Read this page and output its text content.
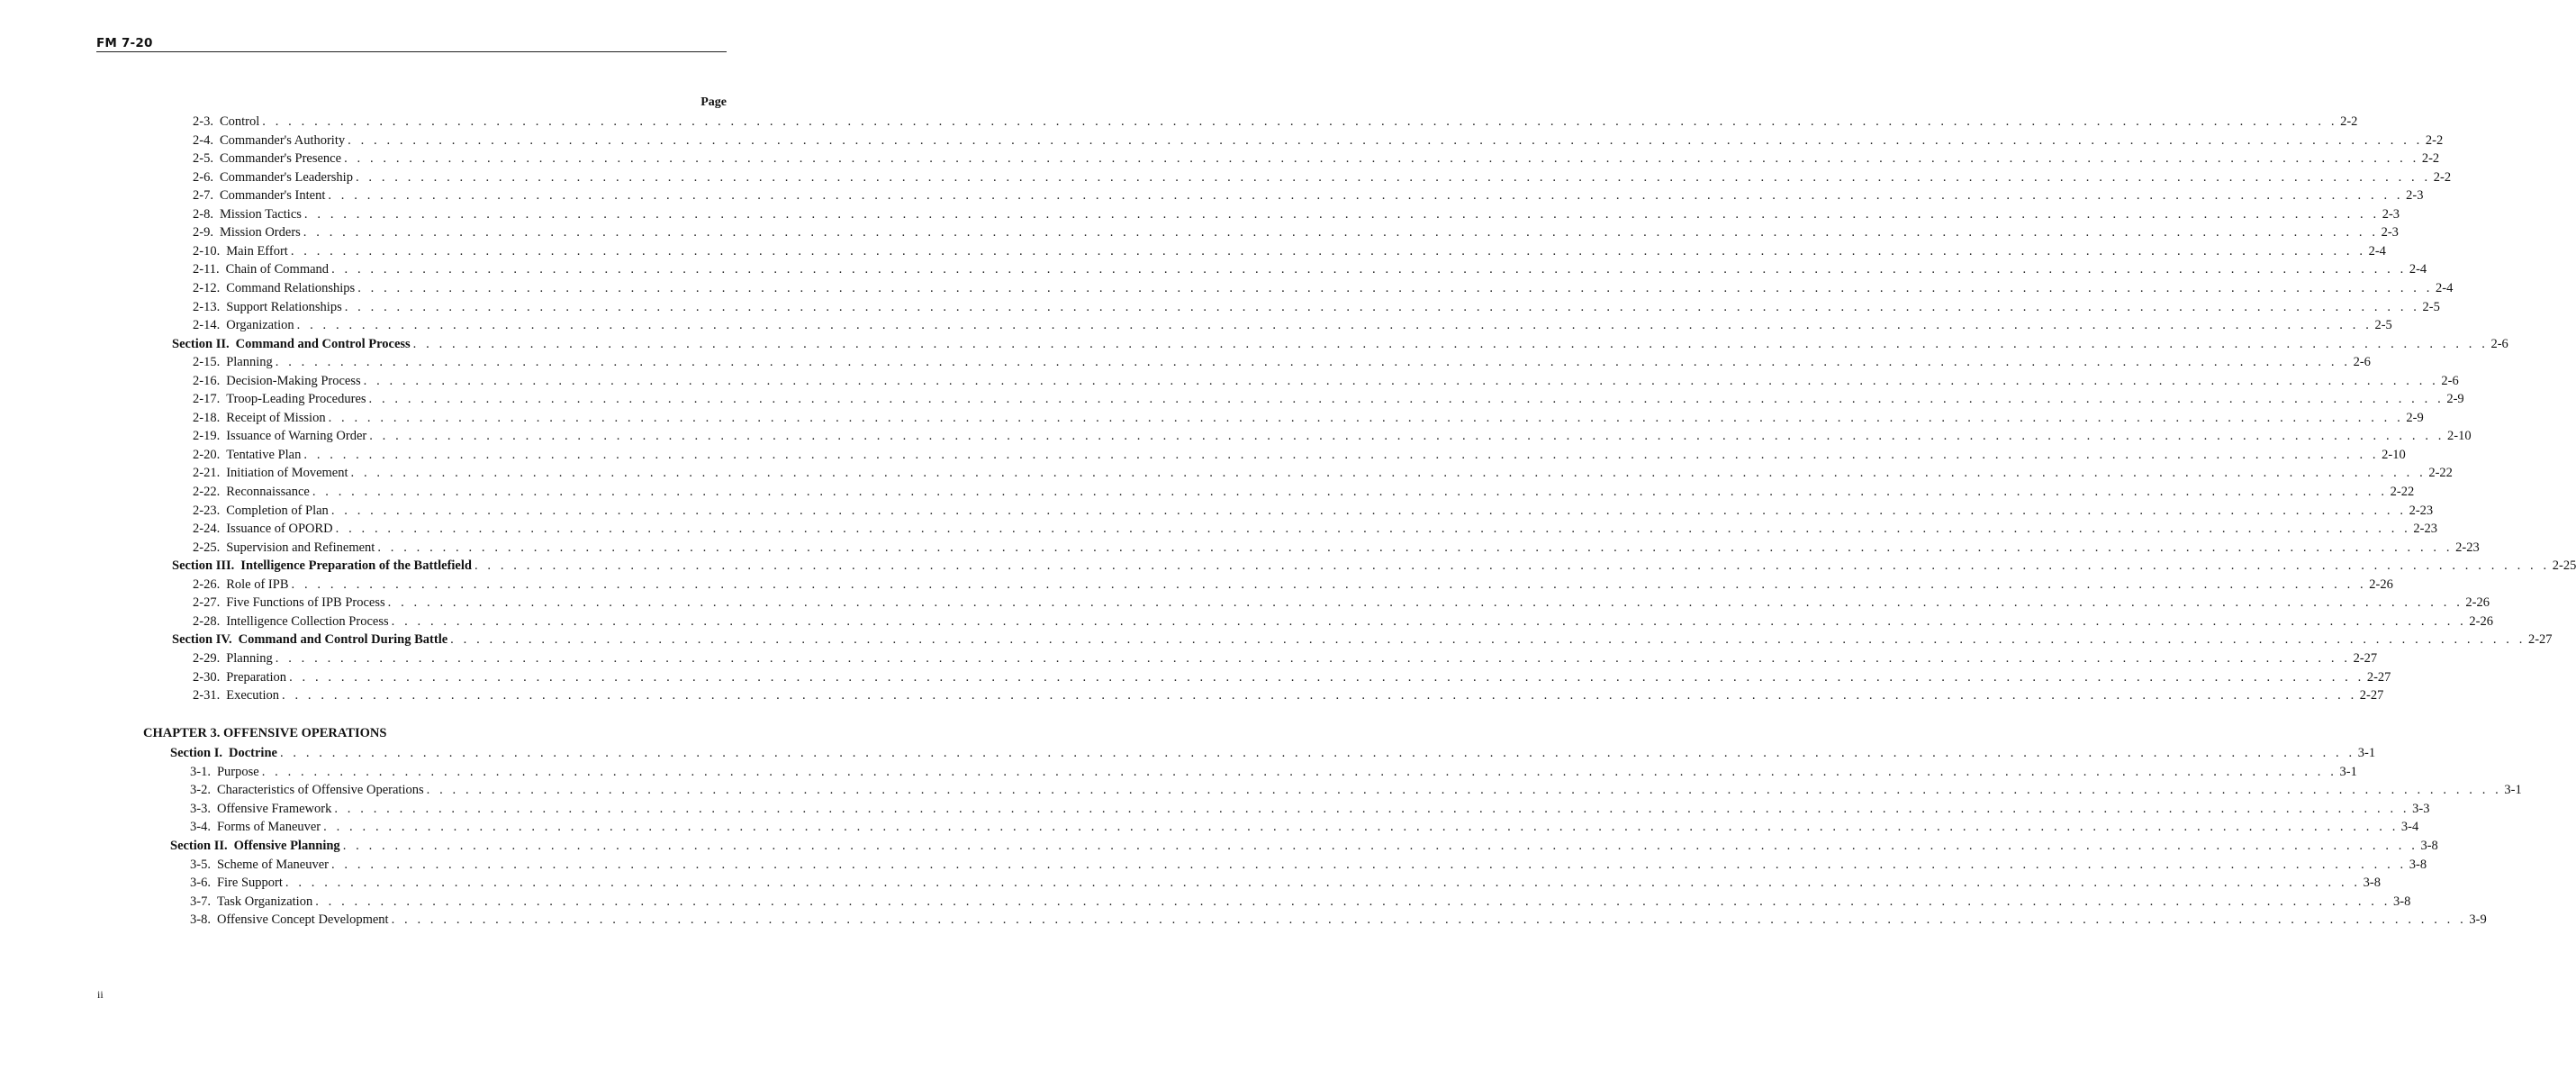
FM 7-20
Page
2-3. Control . . . . . . . . . . . . . . . . . . . . . . . . . . . . . . . . . . . . . . . . . . . . . . . . . . . . . . . . . . . . . . . . . . . . . . . . . . . . . . . . . . . . . . . . . . . . . . . . . . . . . . . . . . . . . . . . . . . . . . . . . . . . . . . . . . . . . . . . . . . . . . . . . . . . . . . . . . . . . . . . 2-2
2-4. Commander's Authority . . . . . . . . . . . . . . . . . . . . . . . . . . . . . . . . . . . . . . . . . . . . . . . . . . . . . . . . . . . . . . . . . . . . . . . . . . . . . . . . . . . . . . . . . . . . . . . . . . . . . . . . . . . . . . . . . . . . . . . . . . . . . . . . . . . . . . . . . . . . . . . . . . . . . . . . . . . . . . . . 2-2
2-5. Commander's Presence . . . . . . . . . . . . . . . . . . . . . . . . . . . . . . . . . . . . . . . . . . . . . . . . . . . . . . . . . . . . . . . . . . . . . . . . . . . . . . . . . . . . . . . . . . . . . . . . . . . . . . . . . . . . . . . . . . . . . . . . . . . . . . . . . . . . . . . . . . . . . . . . . . . . . . . . . . . . . . . . 2-2
2-6. Commander's Leadership . . . . . . . . . . . . . . . . . . . . . . . . . . . . . . . . . . . . . . . . . . . . . . . . . . . . . . . . . . . . . . . . . . . . . . . . . . . . . . . . . . . . . . . . . . . . . . . . . . . . . . . . . . . . . . . . . . . . . . . . . . . . . . . . . . . . . . . . . . . . . . . . . . . . . . . . . . . . . . . . 2-2
2-7. Commander's Intent . . . . . . . . . . . . . . . . . . . . . . . . . . . . . . . . . . . . . . . . . . . . . . . . . . . . . . . . . . . . . . . . . . . . . . . . . . . . . . . . . . . . . . . . . . . . . . . . . . . . . . . . . . . . . . . . . . . . . . . . . . . . . . . . . . . . . . . . . . . . . . . . . . . . . . . . . . . . . . . . 2-3
2-8. Mission Tactics . . . . . . . . . . . . . . . . . . . . . . . . . . . . . . . . . . . . . . . . . . . . . . . . . . . . . . . . . . . . . . . . . . . . . . . . . . . . . . . . . . . . . . . . . . . . . . . . . . . . . . . . . . . . . . . . . . . . . . . . . . . . . . . . . . . . . . . . . . . . . . . . . . . . . . . . . . . . . . . . 2-3
2-9. Mission Orders . . . . . . . . . . . . . . . . . . . . . . . . . . . . . . . . . . . . . . . . . . . . . . . . . . . . . . . . . . . . . . . . . . . . . . . . . . . . . . . . . . . . . . . . . . . . . . . . . . . . . . . . . . . . . . . . . . . . . . . . . . . . . . . . . . . . . . . . . . . . . . . . . . . . . . . . . . . . . . . . 2-3
2-10. Main Effort . . . . . . . . . . . . . . . . . . . . . . . . . . . . . . . . . . . . . . . . . . . . . . . . . . . . . . . . . . . . . . . . . . . . . . . . . . . . . . . . . . . . . . . . . . . . . . . . . . . . . . . . . . . . . . . . . . . . . . . . . . . . . . . . . . . . . . . . . . . . . . . . . . . . . . . . . . . . . . . . 2-4
2-11. Chain of Command . . . . . . . . . . . . . . . . . . . . . . . . . . . . . . . . . . . . . . . . . . . . . . . . . . . . . . . . . . . . . . . . . . . . . . . . . . . . . . . . . . . . . . . . . . . . . . . . . . . . . . . . . . . . . . . . . . . . . . . . . . . . . . . . . . . . . . . . . . . . . . . . . . . . . . . . . . . . . . . . 2-4
2-12. Command Relationships . . . . . . . . . . . . . . . . . . . . . . . . . . . . . . . . . . . . . . . . . . . . . . . . . . . . . . . . . . . . . . . . . . . . . . . . . . . . . . . . . . . . . . . . . . . . . . . . . . . . . . . . . . . . . . . . . . . . . . . . . . . . . . . . . . . . . . . . . . . . . . . . . . . . . . . . . . . . . . . . 2-4
2-13. Support Relationships . . . . . . . . . . . . . . . . . . . . . . . . . . . . . . . . . . . . . . . . . . . . . . . . . . . . . . . . . . . . . . . . . . . . . . . . . . . . . . . . . . . . . . . . . . . . . . . . . . . . . . . . . . . . . . . . . . . . . . . . . . . . . . . . . . . . . . . . . . . . . . . . . . . . . . . . . . . . . . . . 2-5
2-14. Organization . . . . . . . . . . . . . . . . . . . . . . . . . . . . . . . . . . . . . . . . . . . . . . . . . . . . . . . . . . . . . . . . . . . . . . . . . . . . . . . . . . . . . . . . . . . . . . . . . . . . . . . . . . . . . . . . . . . . . . . . . . . . . . . . . . . . . . . . . . . . . . . . . . . . . . . . . . . . . . . . 2-5
Section II. Command and Control Process . . . . . . . . . . . . . . . . . . . . . . . . . . . . . . . . . . . . . . . . . . . . . . . . . . . . . . . . . . . . . . . . . . . . . . . . . . . . . . . . . . . . . . . . . . . . . . . . . . . . . . . . . . . . . . . . . . . . . . . . . . . . . . . . . . . . . . . . . . . . . . . . . . . . . . . . . . . . . . . . 2-6
2-15. Planning . . . . . . . . . . . . . . . . . . . . . . . . . . . . . . . . . . . . . . . . . . . . . . . . . . . . . . . . . . . . . . . . . . . . . . . . . . . . . . . . . . . . . . . . . . . . . . . . . . . . . . . . . . . . . . . . . . . . . . . . . . . . . . . . . . . . . . . . . . . . . . . . . . . . . . . . . . . . . . . . 2-6
2-16. Decision-Making Process . . . . . . . . . . . . . . . . . . . . . . . . . . . . . . . . . . . . . . . . . . . . . . . . . . . . . . . . . . . . . . . . . . . . . . . . . . . . . . . . . . . . . . . . . . . . . . . . . . . . . . . . . . . . . . . . . . . . . . . . . . . . . . . . . . . . . . . . . . . . . . . . . . . . . . . . . . . . . . . . 2-6
2-17. Troop-Leading Procedures . . . . . . . . . . . . . . . . . . . . . . . . . . . . . . . . . . . . . . . . . . . . . . . . . . . . . . . . . . . . . . . . . . . . . . . . . . . . . . . . . . . . . . . . . . . . . . . . . . . . . . . . . . . . . . . . . . . . . . . . . . . . . . . . . . . . . . . . . . . . . . . . . . . . . . . . . . . . . . . . 2-9
2-18. Receipt of Mission . . . . . . . . . . . . . . . . . . . . . . . . . . . . . . . . . . . . . . . . . . . . . . . . . . . . . . . . . . . . . . . . . . . . . . . . . . . . . . . . . . . . . . . . . . . . . . . . . . . . . . . . . . . . . . . . . . . . . . . . . . . . . . . . . . . . . . . . . . . . . . . . . . . . . . . . . . . . . . . . 2-9
2-19. Issuance of Warning Order . . . . . . . . . . . . . . . . . . . . . . . . . . . . . . . . . . . . . . . . . . . . . . . . . . . . . . . . . . . . . . . . . . . . . . . . . . . . . . . . . . . . . . . . . . . . . . . . . . . . . . . . . . . . . . . . . . . . . . . . . . . . . . . . . . . . . . . . . . . . . . . . . . . . . . . . . . . . . . . . 2-10
2-20. Tentative Plan . . . . . . . . . . . . . . . . . . . . . . . . . . . . . . . . . . . . . . . . . . . . . . . . . . . . . . . . . . . . . . . . . . . . . . . . . . . . . . . . . . . . . . . . . . . . . . . . . . . . . . . . . . . . . . . . . . . . . . . . . . . . . . . . . . . . . . . . . . . . . . . . . . . . . . . . . . . . . . . . 2-10
2-21. Initiation of Movement . . . . . . . . . . . . . . . . . . . . . . . . . . . . . . . . . . . . . . . . . . . . . . . . . . . . . . . . . . . . . . . . . . . . . . . . . . . . . . . . . . . . . . . . . . . . . . . . . . . . . . . . . . . . . . . . . . . . . . . . . . . . . . . . . . . . . . . . . . . . . . . . . . . . . . . . . . . . . . . . 2-22
2-22. Reconnaissance . . . . . . . . . . . . . . . . . . . . . . . . . . . . . . . . . . . . . . . . . . . . . . . . . . . . . . . . . . . . . . . . . . . . . . . . . . . . . . . . . . . . . . . . . . . . . . . . . . . . . . . . . . . . . . . . . . . . . . . . . . . . . . . . . . . . . . . . . . . . . . . . . . . . . . . . . . . . . . . . 2-22
2-23. Completion of Plan . . . . . . . . . . . . . . . . . . . . . . . . . . . . . . . . . . . . . . . . . . . . . . . . . . . . . . . . . . . . . . . . . . . . . . . . . . . . . . . . . . . . . . . . . . . . . . . . . . . . . . . . . . . . . . . . . . . . . . . . . . . . . . . . . . . . . . . . . . . . . . . . . . . . . . . . . . . . . . . . 2-23
2-24. Issuance of OPORD . . . . . . . . . . . . . . . . . . . . . . . . . . . . . . . . . . . . . . . . . . . . . . . . . . . . . . . . . . . . . . . . . . . . . . . . . . . . . . . . . . . . . . . . . . . . . . . . . . . . . . . . . . . . . . . . . . . . . . . . . . . . . . . . . . . . . . . . . . . . . . . . . . . . . . . . . . . . . . . . 2-23
2-25. Supervision and Refinement . . . . . . . . . . . . . . . . . . . . . . . . . . . . . . . . . . . . . . . . . . . . . . . . . . . . . . . . . . . . . . . . . . . . . . . . . . . . . . . . . . . . . . . . . . . . . . . . . . . . . . . . . . . . . . . . . . . . . . . . . . . . . . . . . . . . . . . . . . . . . . . . . . . . . . . . . . . . . . . . 2-23
Section III. Intelligence Preparation of the Battlefield . . . . . . . . . . . . . . . . . . . . . . . . . . . . . . . . . . . . . . . . . . . . . . . . . . . . . . . . . . . . . . . . . . . . . . . . . . . . . . . . . . . . . . . . . . . . . . . . . . . . . . . . . . . . . . . . . . . . . . . . . . . . . . . . . . . . . . . . . . . . . . . . . . . . . . . . . . . . . . . . 2-25
2-26. Role of IPB . . . . . . . . . . . . . . . . . . . . . . . . . . . . . . . . . . . . . . . . . . . . . . . . . . . . . . . . . . . . . . . . . . . . . . . . . . . . . . . . . . . . . . . . . . . . . . . . . . . . . . . . . . . . . . . . . . . . . . . . . . . . . . . . . . . . . . . . . . . . . . . . . . . . . . . . . . . . . . . . 2-26
2-27. Five Functions of IPB Process . . . . . . . . . . . . . . . . . . . . . . . . . . . . . . . . . . . . . . . . . . . . . . . . . . . . . . . . . . . . . . . . . . . . . . . . . . . . . . . . . . . . . . . . . . . . . . . . . . . . . . . . . . . . . . . . . . . . . . . . . . . . . . . . . . . . . . . . . . . . . . . . . . . . . . . . . . . . . . . . 2-26
2-28. Intelligence Collection Process . . . . . . . . . . . . . . . . . . . . . . . . . . . . . . . . . . . . . . . . . . . . . . . . . . . . . . . . . . . . . . . . . . . . . . . . . . . . . . . . . . . . . . . . . . . . . . . . . . . . . . . . . . . . . . . . . . . . . . . . . . . . . . . . . . . . . . . . . . . . . . . . . . . . . . . . . . . . . . . . 2-26
Section IV. Command and Control During Battle . . . . . . . . . . . . . . . . . . . . . . . . . . . . . . . . . . . . . . . . . . . . . . . . . . . . . . . . . . . . . . . . . . . . . . . . . . . . . . . . . . . . . . . . . . . . . . . . . . . . . . . . . . . . . . . . . . . . . . . . . . . . . . . . . . . . . . . . . . . . . . . . . . . . . . . . . . . . . . . . 2-27
2-29. Planning . . . . . . . . . . . . . . . . . . . . . . . . . . . . . . . . . . . . . . . . . . . . . . . . . . . . . . . . . . . . . . . . . . . . . . . . . . . . . . . . . . . . . . . . . . . . . . . . . . . . . . . . . . . . . . . . . . . . . . . . . . . . . . . . . . . . . . . . . . . . . . . . . . . . . . . . . . . . . . . . 2-27
2-30. Preparation . . . . . . . . . . . . . . . . . . . . . . . . . . . . . . . . . . . . . . . . . . . . . . . . . . . . . . . . . . . . . . . . . . . . . . . . . . . . . . . . . . . . . . . . . . . . . . . . . . . . . . . . . . . . . . . . . . . . . . . . . . . . . . . . . . . . . . . . . . . . . . . . . . . . . . . . . . . . . . . . 2-27
2-31. Execution . . . . . . . . . . . . . . . . . . . . . . . . . . . . . . . . . . . . . . . . . . . . . . . . . . . . . . . . . . . . . . . . . . . . . . . . . . . . . . . . . . . . . . . . . . . . . . . . . . . . . . . . . . . . . . . . . . . . . . . . . . . . . . . . . . . . . . . . . . . . . . . . . . . . . . . . . . . . . . . . 2-27
Section I. Doctrine . . . . . . . . . . . . . . . . . . . . . . . . . . . . . . . . . . . . . . . . . . . . . . . . . . . . . . . . . . . . . . . . . . . . . . . . . . . . . . . . . . . . . . . . . . . . . . . . . . . . . . . . . . . . . . . . . . . . . . . . . . . . . . . . . . . . . . . . . . . . . . . . . . . . . . . . . . . . . . . . 3-1
3-1. Purpose . . . . . . . . . . . . . . . . . . . . . . . . . . . . . . . . . . . . . . . . . . . . . . . . . . . . . . . . . . . . . . . . . . . . . . . . . . . . . . . . . . . . . . . . . . . . . . . . . . . . . . . . . . . . . . . . . . . . . . . . . . . . . . . . . . . . . . . . . . . . . . . . . . . . . . . . . . . . . . . . 3-1
3-2. Characteristics of Offensive Operations . . . . . . . . . . . . . . . . . . . . . . . . . . . . . . . . . . . . . . . . . . . . . . . . . . . . . . . . . . . . . . . . . . . . . . . . . . . . . . . . . . . . . . . . . . . . . . . . . . . . . . . . . . . . . . . . . . . . . . . . . . . . . . . . . . . . . . . . . . . . . . . . . . . . . . . . . . . . . . . . 3-1
3-3. Offensive Framework . . . . . . . . . . . . . . . . . . . . . . . . . . . . . . . . . . . . . . . . . . . . . . . . . . . . . . . . . . . . . . . . . . . . . . . . . . . . . . . . . . . . . . . . . . . . . . . . . . . . . . . . . . . . . . . . . . . . . . . . . . . . . . . . . . . . . . . . . . . . . . . . . . . . . . . . . . . . . . . . 3-3
3-4. Forms of Maneuver . . . . . . . . . . . . . . . . . . . . . . . . . . . . . . . . . . . . . . . . . . . . . . . . . . . . . . . . . . . . . . . . . . . . . . . . . . . . . . . . . . . . . . . . . . . . . . . . . . . . . . . . . . . . . . . . . . . . . . . . . . . . . . . . . . . . . . . . . . . . . . . . . . . . . . . . . . . . . . . . 3-4
Section II. Offensive Planning . . . . . . . . . . . . . . . . . . . . . . . . . . . . . . . . . . . . . . . . . . . . . . . . . . . . . . . . . . . . . . . . . . . . . . . . . . . . . . . . . . . . . . . . . . . . . . . . . . . . . . . . . . . . . . . . . . . . . . . . . . . . . . . . . . . . . . . . . . . . . . . . . . . . . . . . . . . . . . . . 3-8
3-5. Scheme of Maneuver . . . . . . . . . . . . . . . . . . . . . . . . . . . . . . . . . . . . . . . . . . . . . . . . . . . . . . . . . . . . . . . . . . . . . . . . . . . . . . . . . . . . . . . . . . . . . . . . . . . . . . . . . . . . . . . . . . . . . . . . . . . . . . . . . . . . . . . . . . . . . . . . . . . . . . . . . . . . . . . . 3-8
3-6. Fire Support . . . . . . . . . . . . . . . . . . . . . . . . . . . . . . . . . . . . . . . . . . . . . . . . . . . . . . . . . . . . . . . . . . . . . . . . . . . . . . . . . . . . . . . . . . . . . . . . . . . . . . . . . . . . . . . . . . . . . . . . . . . . . . . . . . . . . . . . . . . . . . . . . . . . . . . . . . . . . . . . 3-8
3-7. Task Organization . . . . . . . . . . . . . . . . . . . . . . . . . . . . . . . . . . . . . . . . . . . . . . . . . . . . . . . . . . . . . . . . . . . . . . . . . . . . . . . . . . . . . . . . . . . . . . . . . . . . . . . . . . . . . . . . . . . . . . . . . . . . . . . . . . . . . . . . . . . . . . . . . . . . . . . . . . . . . . . . 3-8
3-8. Offensive Concept Development . . . . . . . . . . . . . . . . . . . . . . . . . . . . . . . . . . . . . . . . . . . . . . . . . . . . . . . . . . . . . . . . . . . . . . . . . . . . . . . . . . . . . . . . . . . . . . . . . . . . . . . . . . . . . . . . . . . . . . . . . . . . . . . . . . . . . . . . . . . . . . . . . . . . . . . . . . . . . . . . 3-9
CHAPTER 3. OFFENSIVE OPERATIONS
ii
